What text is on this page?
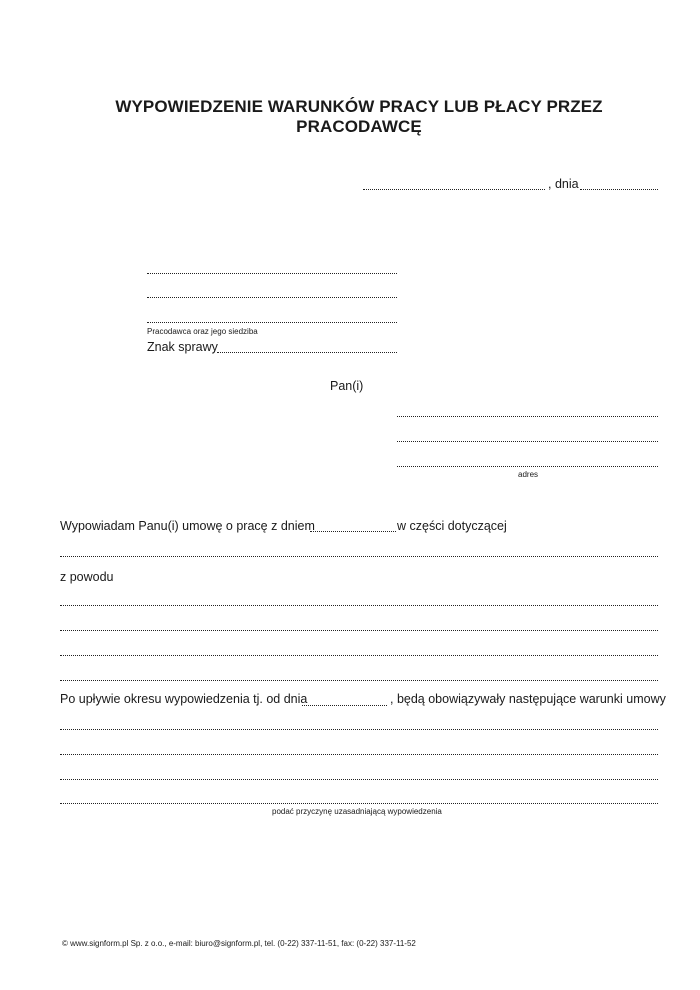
WYPOWIEDZENIE WARUNKÓW PRACY LUB PŁACY PRZEZ
PRACODAWCĘ
, dnia
Pracodawca oraz jego siedziba
Znak sprawy
Pan(i)
adres
Wypowiadam Panu(i) umowę o pracę z dniem	w części dotyczącej
z powodu
Po upływie okresu wypowiedzenia tj. od dnia	, będą obowiązywały następujące warunki umowy
podać przyczynę uzasadniającą wypowiedzenia
© www.signform.pl Sp. z o.o., e-mail: biuro@signform.pl, tel. (0-22) 337-11-51, fax: (0-22) 337-11-52
